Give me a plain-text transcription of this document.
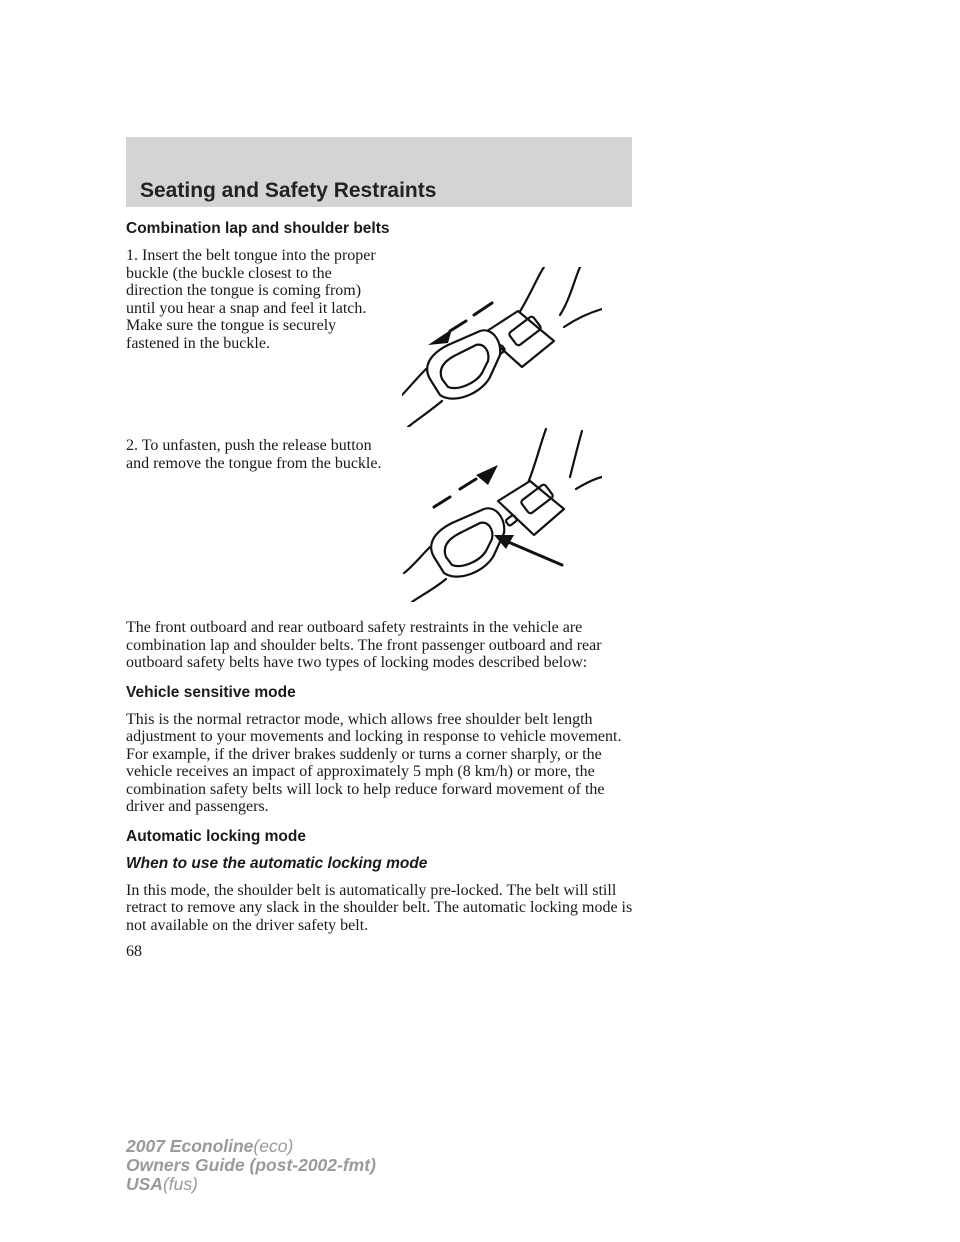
Seating and Safety Restraints
Combination lap and shoulder belts

1. Insert the belt tongue into the proper buckle (the buckle closest to the direction the tongue is coming from) until you hear a snap and feel it latch. Make sure the tongue is securely fastened in the buckle.

2. To unfasten, push the release button and remove the tongue from the buckle.

The front outboard and rear outboard safety restraints in the vehicle are combination lap and shoulder belts. The front passenger outboard and rear outboard safety belts have two types of locking modes described below:

Vehicle sensitive mode

This is the normal retractor mode, which allows free shoulder belt length adjustment to your movements and locking in response to vehicle movement. For example, if the driver brakes suddenly or turns a corner sharply, or the vehicle receives an impact of approximately 5 mph (8 km/h) or more, the combination safety belts will lock to help reduce forward movement of the driver and passengers.

Automatic locking mode
When to use the automatic locking mode

In this mode, the shoulder belt is automatically pre-locked. The belt will still retract to remove any slack in the shoulder belt. The automatic locking mode is not available on the driver safety belt.

68
2007 Econoline(eco)
Owners Guide (post-2002-fmt)
USA(fus)
